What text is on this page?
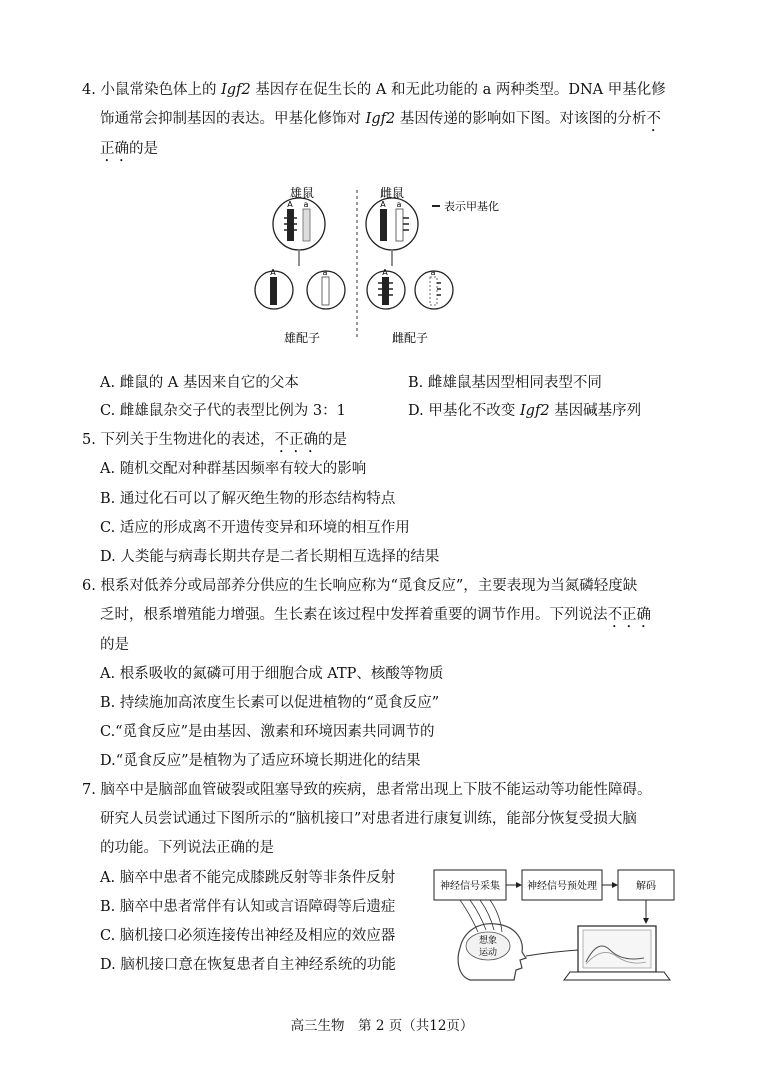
4. 小鼠常染色体上的 Igf2 基因存在促生长的 A 和无此功能的 a 两种类型。DNA 甲基化修
饰通常会抑制基因的表达。甲基化修饰对 Igf2 基因传递的影响如下图。对该图的分析不
正确的是
雄鼠	雌鼠
A a	A a	表示甲基化
A	a	A	a
雄配子	雌配子
A. 雌鼠的 A 基因来自它的父本	B. 雌雄鼠基因型相同表型不同
C. 雌雄鼠杂交子代的表型比例为 3：1	D. 甲基化不改变 Igf2 基因碱基序列
5. 下列关于生物进化的表述，不正确的是
A. 随机交配对种群基因频率有较大的影响
B. 通过化石可以了解灭绝生物的形态结构特点
C. 适应的形成离不开遗传变异和环境的相互作用
D. 人类能与病毒长期共存是二者长期相互选择的结果
6. 根系对低养分或局部养分供应的生长响应称为“觅食反应”，主要表现为当氮磷轻度缺
乏时，根系增殖能力增强。生长素在该过程中发挥着重要的调节作用。下列说法不正确
的是
A. 根系吸收的氮磷可用于细胞合成 ATP、核酸等物质
B. 持续施加高浓度生长素可以促进植物的“觅食反应”
C.“觅食反应”是由基因、激素和环境因素共同调节的
D.“觅食反应”是植物为了适应环境长期进化的结果
7. 脑卒中是脑部血管破裂或阻塞导致的疾病，患者常出现上下肢不能运动等功能性障碍。
研究人员尝试通过下图所示的“脑机接口”对患者进行康复训练，能部分恢复受损大脑
的功能。下列说法正确的是
A. 脑卒中患者不能完成膝跳反射等非条件反射
B. 脑卒中患者常伴有认知或言语障碍等后遗症
C. 脑机接口必须连接传出神经及相应的效应器
D. 脑机接口意在恢复患者自主神经系统的功能
神经信号采集	神经信号预处理	解码
想象
运动
高三生物　第 2 页（共12页）
